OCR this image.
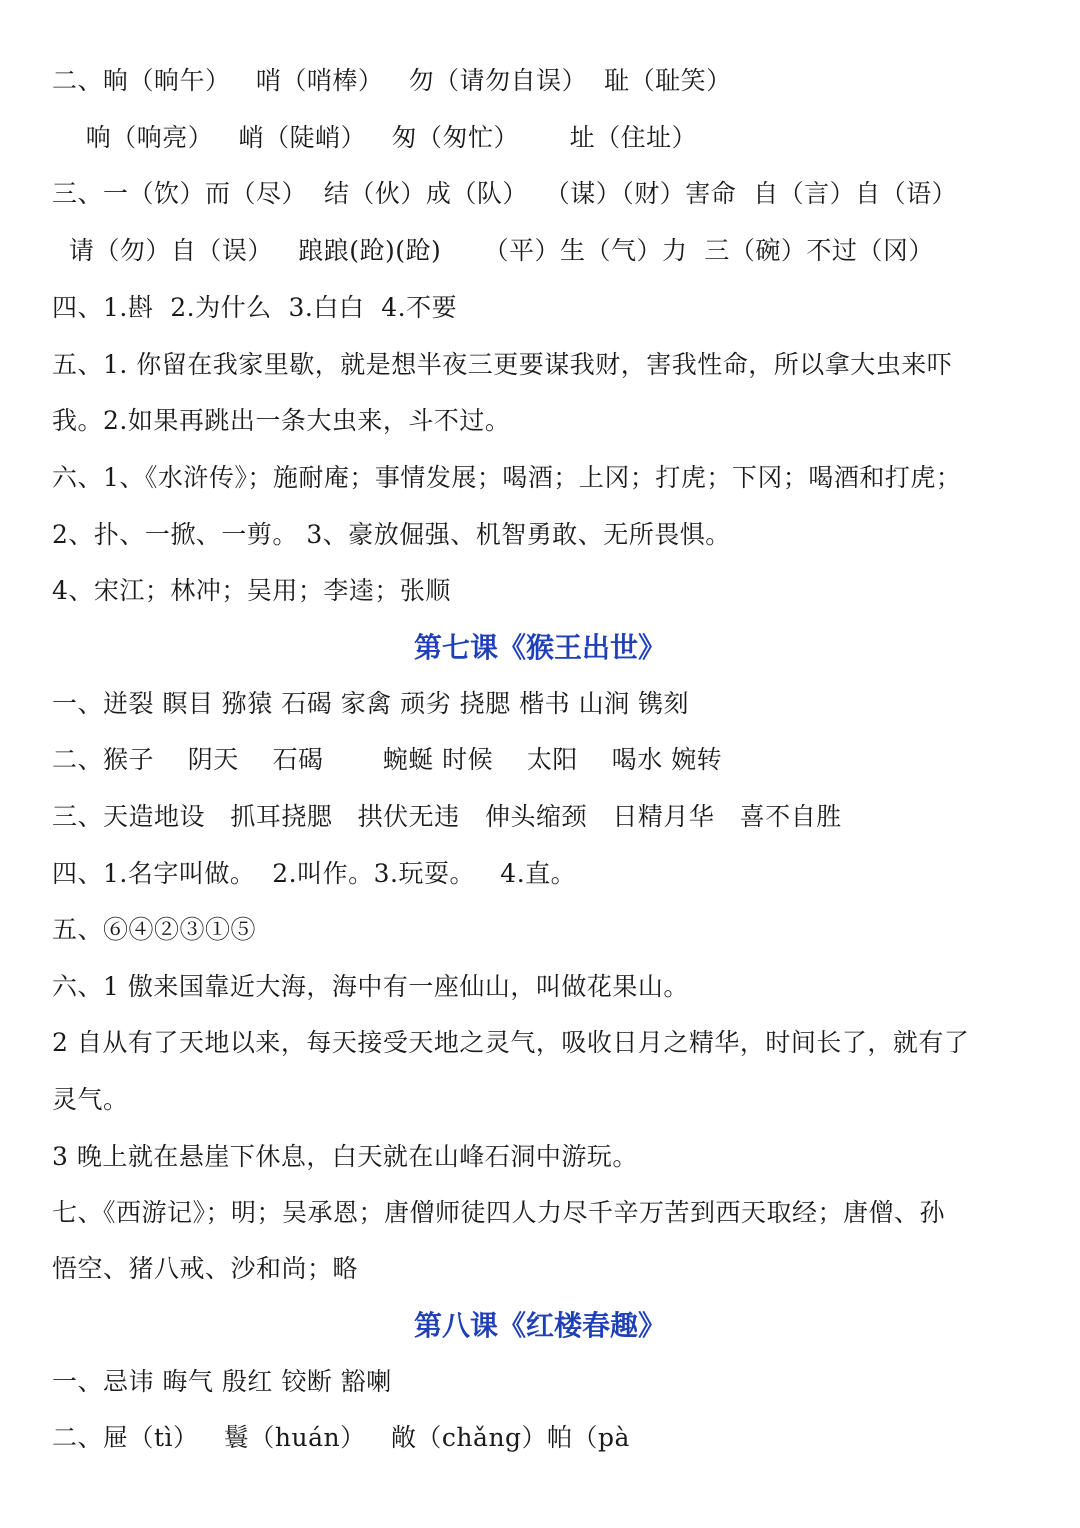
二、晌（晌午）   哨（哨棒）   勿（请勿自误）  耻（耻笑）
响（响亮）   峭（陡峭）   匆（匆忙）      址（住址）
三、一（饮）而（尽）  结（伙）成（队）  （谋）（财）害命  自（言）自（语）
请（勿）自（误）   踉踉(跄)(跄)     （平）生（气）力  三（碗）不过（冈）
四、1.斟  2.为什么  3.白白  4.不要
五、1. 你留在我家里歇，就是想半夜三更要谋我财，害我性命，所以拿大虫来吓
我。2.如果再跳出一条大虫来，斗不过。
六、1、《水浒传》；施耐庵；事情发展；喝酒；上冈；打虎；下冈；喝酒和打虎；
2、扑、一掀、一剪。 3、豪放倔强、机智勇敢、无所畏惧。
4、宋江；林冲；吴用；李逵；张顺
第七课《猴王出世》
一、迸裂 瞑目 猕猿 石碣 家禽 顽劣 挠腮 楷书 山涧 镌刻
二、猴子    阴天    石碣       蜿蜒 时候    太阳    喝水 婉转
三、天造地设   抓耳挠腮   拱伏无违   伸头缩颈   日精月华   喜不自胜
四、1.名字叫做。  2.叫作。3.玩耍。   4.直。
五、⑥④②③①⑤
六、1 傲来国靠近大海，海中有一座仙山，叫做花果山。
2 自从有了天地以来，每天接受天地之灵气，吸收日月之精华，时间长了，就有了
灵气。
3 晚上就在悬崖下休息，白天就在山峰石洞中游玩。
七、《西游记》；明；吴承恩；唐僧师徒四人力尽千辛万苦到西天取经；唐僧、孙
悟空、猪八戒、沙和尚；略
第八课《红楼春趣》
一、忌讳 晦气 殷红 铰断 豁喇
二、屉（tì）   鬟（huán）   敞（chǎng）帕（pà
